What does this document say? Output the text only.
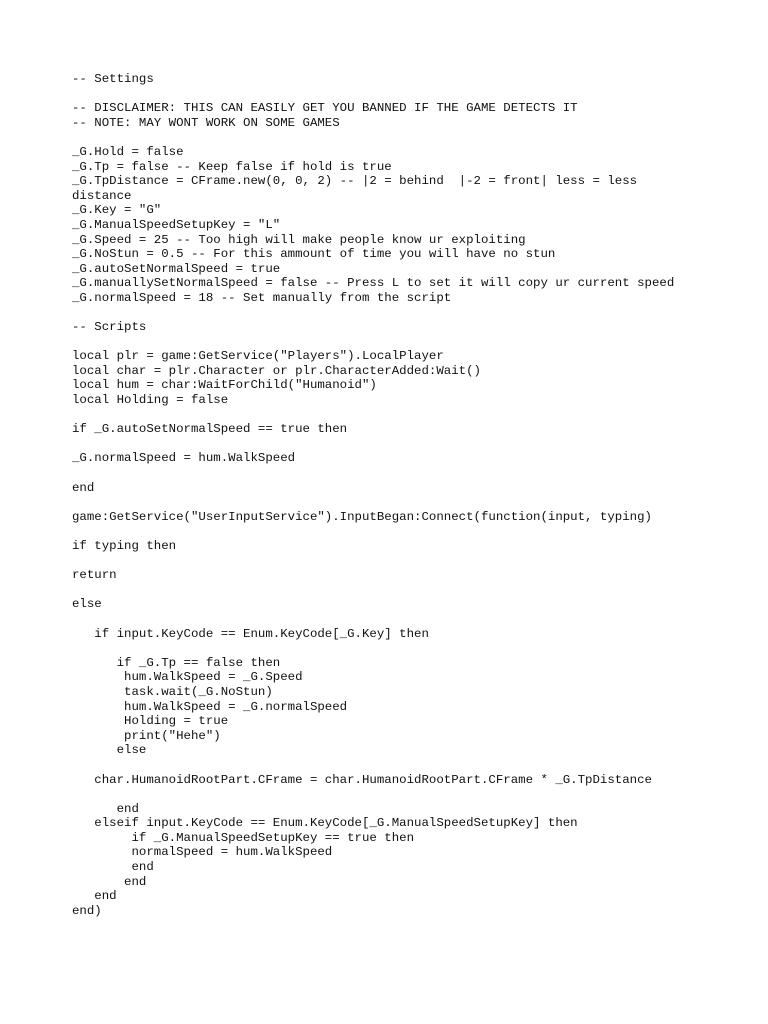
-- Settings
-- DISCLAIMER: THIS CAN EASILY GET YOU BANNED IF THE GAME DETECTS IT
-- NOTE: MAY WONT WORK ON SOME GAMES
_G.Hold = false
_G.Tp = false -- Keep false if hold is true
_G.TpDistance = CFrame.new(0, 0, 2) -- |2 = behind  |-2 = front| less = less
distance
_G.Key = "G"
_G.ManualSpeedSetupKey = "L"
_G.Speed = 25 -- Too high will make people know ur exploiting
_G.NoStun = 0.5 -- For this ammount of time you will have no stun
_G.autoSetNormalSpeed = true
_G.manuallySetNormalSpeed = false -- Press L to set it will copy ur current speed
_G.normalSpeed = 18 -- Set manually from the script
-- Scripts
local plr = game:GetService("Players").LocalPlayer
local char = plr.Character or plr.CharacterAdded:Wait()
local hum = char:WaitForChild("Humanoid")
local Holding = false
if _G.autoSetNormalSpeed == true then
_G.normalSpeed = hum.WalkSpeed
end
game:GetService("UserInputService").InputBegan:Connect(function(input, typing)
if typing then
return
else
if input.KeyCode == Enum.KeyCode[_G.Key] then
if _G.Tp == false then
hum.WalkSpeed = _G.Speed
task.wait(_G.NoStun)
hum.WalkSpeed = _G.normalSpeed
Holding = true
print("Hehe")
else
char.HumanoidRootPart.CFrame = char.HumanoidRootPart.CFrame * _G.TpDistance
end
elseif input.KeyCode == Enum.KeyCode[_G.ManualSpeedSetupKey] then
if _G.ManualSpeedSetupKey == true then
normalSpeed = hum.WalkSpeed
end
end
end
end)
